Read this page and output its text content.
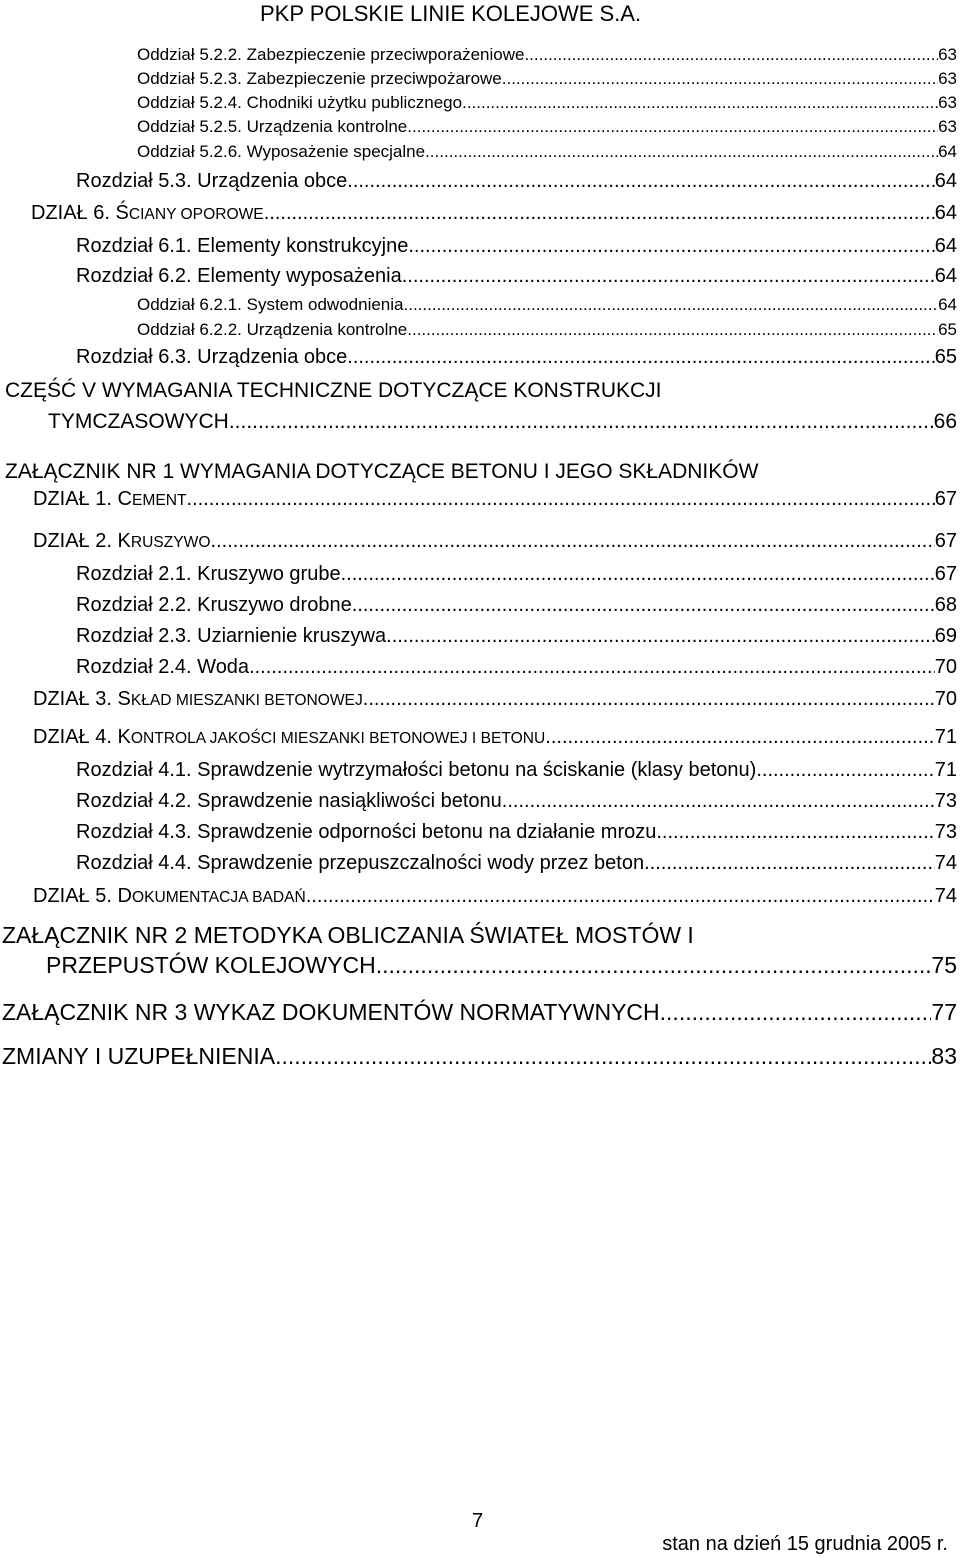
PKP POLSKIE LINIE KOLEJOWE S.A.
Oddział 5.2.2. Zabezpieczenie przeciwporażeniowe .....	63
Oddział 5.2.3. Zabezpieczenie przeciwpożarowe .....	63
Oddział 5.2.4. Chodniki użytku publicznego .....	63
Oddział 5.2.5. Urządzenia kontrolne .....	63
Oddział 5.2.6. Wyposażenie specjalne .....	64
Rozdział 5.3. Urządzenia obce .....	64
DZIAŁ 6. ŚCIANY OPOROWE .....	64
Rozdział 6.1. Elementy konstrukcyjne .....	64
Rozdział 6.2. Elementy wyposażenia .....	64
Oddział 6.2.1. System odwodnienia .....	64
Oddział 6.2.2. Urządzenia kontrolne .....	65
Rozdział 6.3. Urządzenia obce .....	65
CZĘŚĆ V WYMAGANIA TECHNICZNE DOTYCZĄCE KONSTRUKCJI
TYMCZASOWYCH .....	66
ZAŁĄCZNIK NR 1 WYMAGANIA DOTYCZĄCE BETONU I JEGO SKŁADNIKÓW
DZIAŁ 1. CEMENT .....	67
DZIAŁ 2. KRUSZYWO .....	67
Rozdział 2.1. Kruszywo grube .....	67
Rozdział 2.2. Kruszywo drobne .....	68
Rozdział 2.3. Uziarnienie kruszywa .....	69
Rozdział 2.4. Woda .....	70
DZIAŁ 3. SKŁAD MIESZANKI BETONOWEJ .....	70
DZIAŁ 4. KONTROLA JAKOŚCI MIESZANKI BETONOWEJ I BETONU .....	71
Rozdział 4.1. Sprawdzenie wytrzymałości betonu na ściskanie (klasy betonu) .....	71
Rozdział 4.2. Sprawdzenie nasiąkliwości betonu .....	73
Rozdział 4.3. Sprawdzenie odporności betonu na działanie mrozu .....	73
Rozdział 4.4. Sprawdzenie przepuszczalności wody przez beton .....	74
DZIAŁ 5. DOKUMENTACJA BADAŃ .....	74
ZAŁĄCZNIK NR 2 METODYKA OBLICZANIA ŚWIATEŁ MOSTÓW I
PRZEPUSTÓW KOLEJOWYCH .....	75
ZAŁĄCZNIK NR 3 WYKAZ DOKUMENTÓW NORMATYWNYCH .....	77
ZMIANY I UZUPEŁNIENIA .....	83
7
stan na dzień 15 grudnia 2005 r.
